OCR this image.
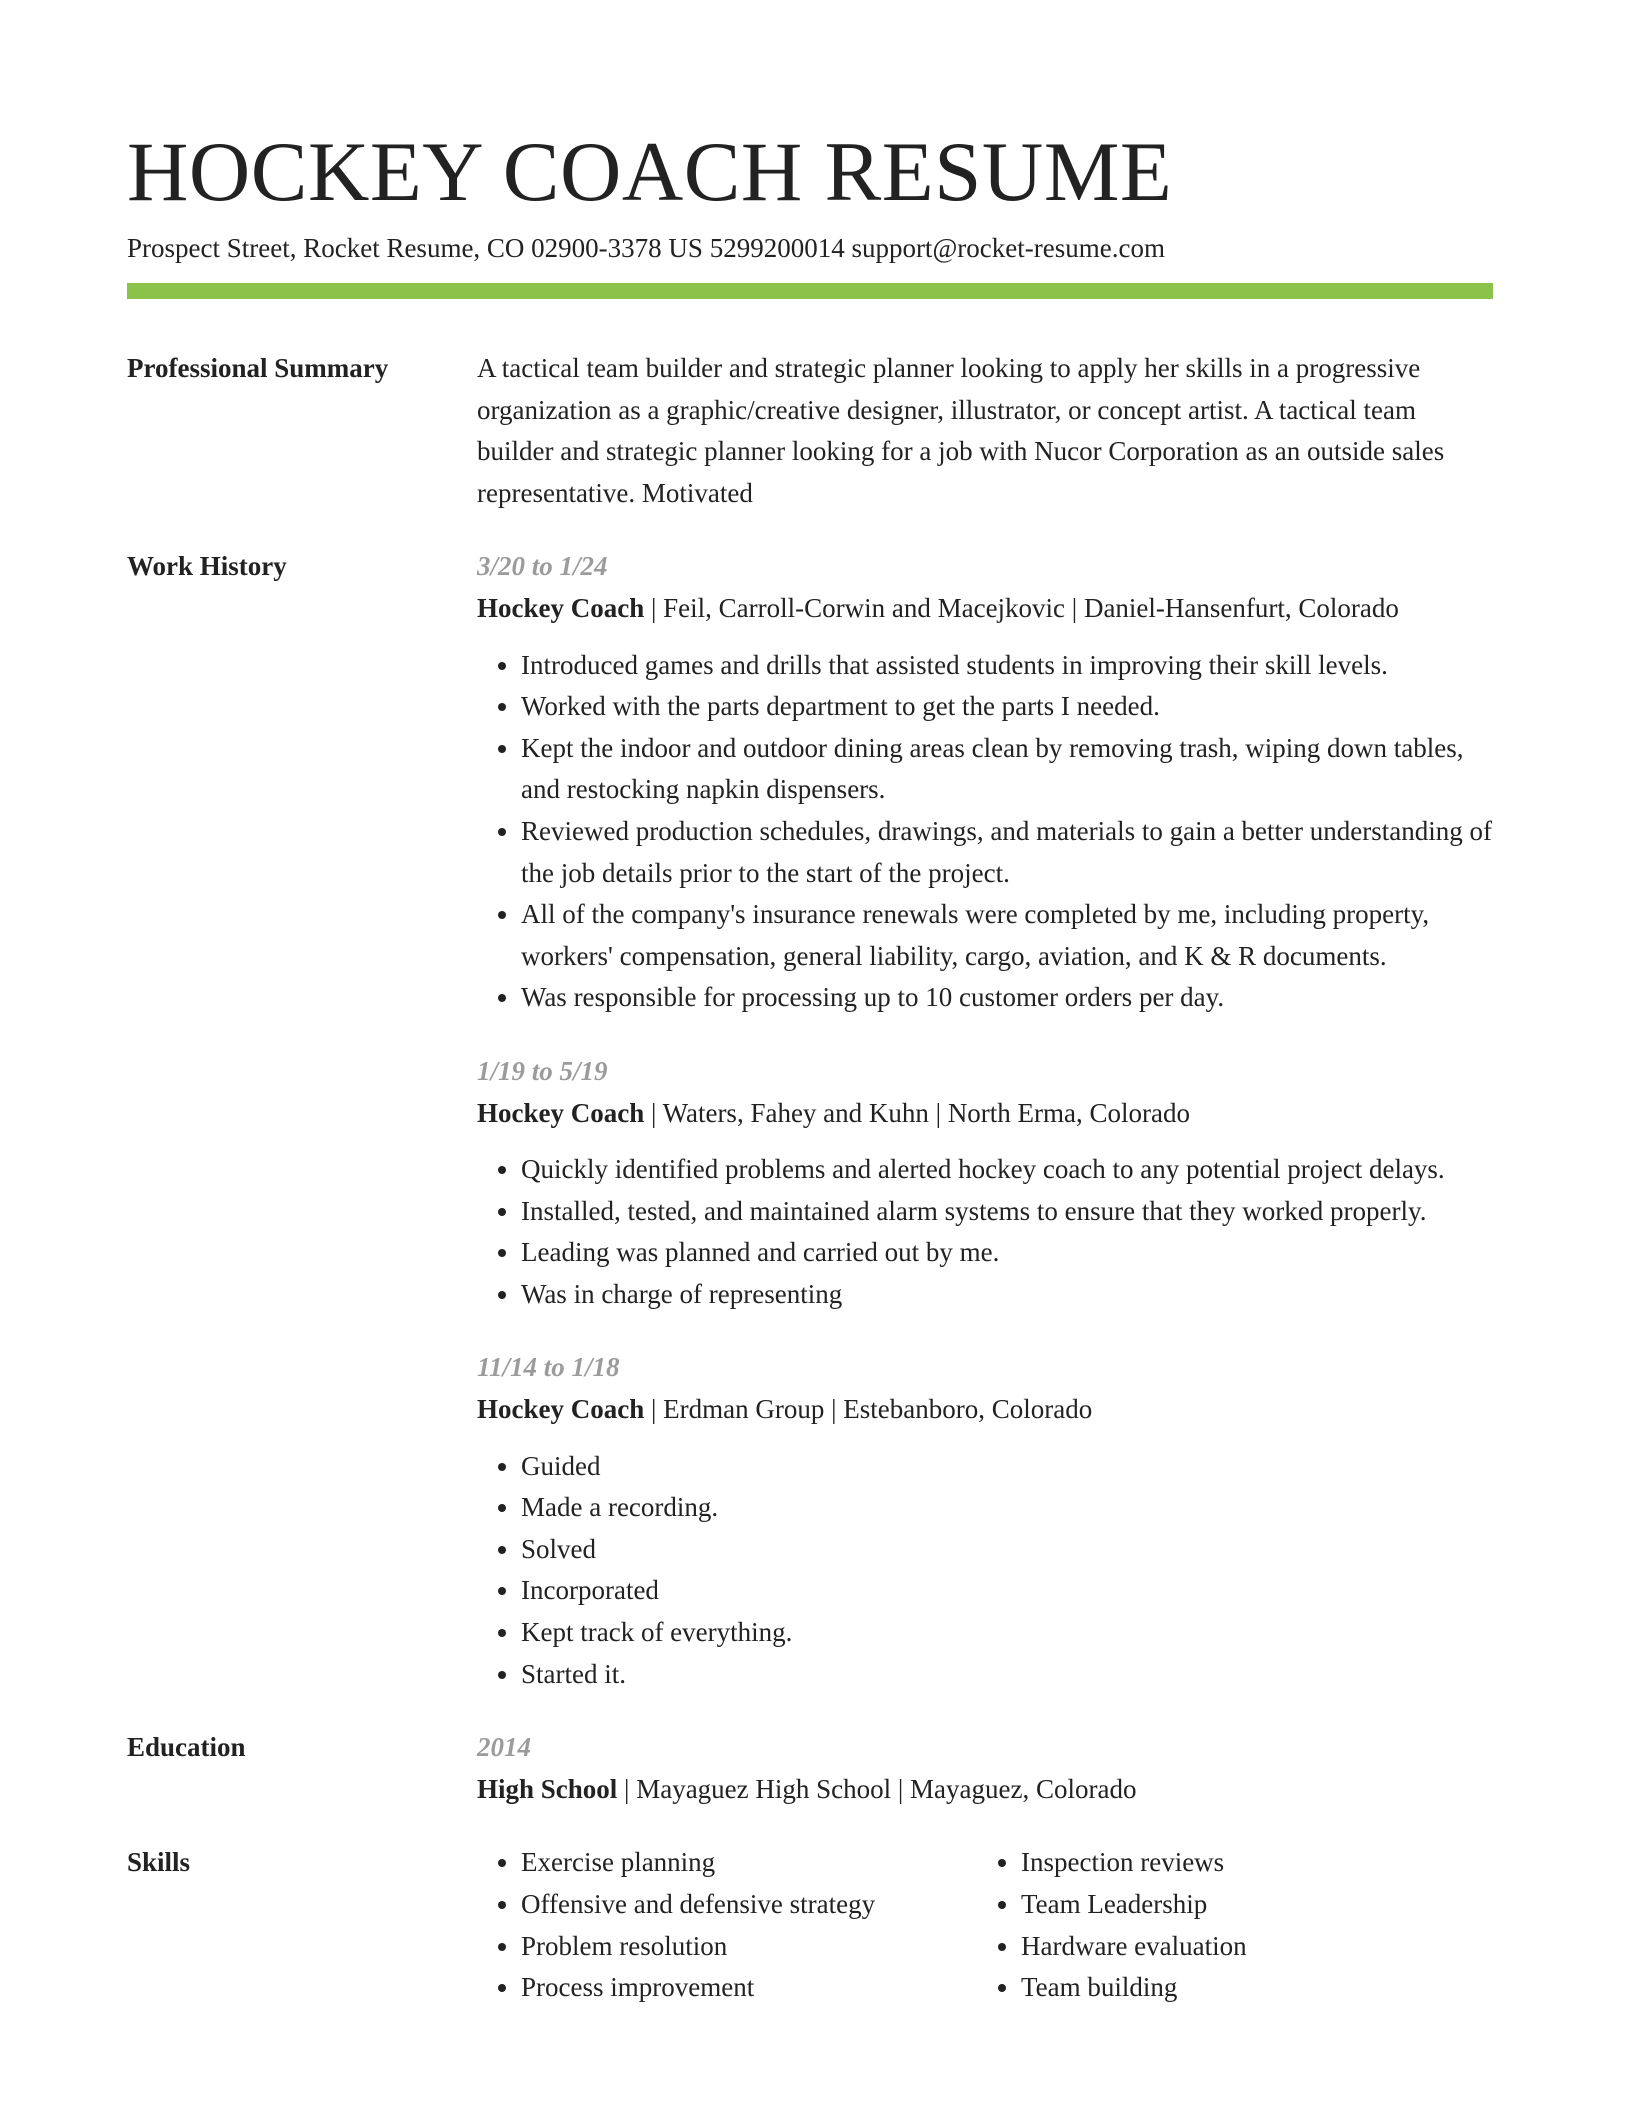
HOCKEY COACH RESUME
Prospect Street, Rocket Resume, CO 02900-3378 US 5299200014 support@rocket-resume.com
Professional Summary	A tactical team builder and strategic planner looking to apply her skills in a progressive organization as a graphic/creative designer, illustrator, or concept artist. A tactical team builder and strategic planner looking for a job with Nucor Corporation as an outside sales representative. Motivated

Work History	3/20 to 1/24
Hockey Coach | Feil, Carroll-Corwin and Macejkovic | Daniel-Hansenfurt, Colorado
• Introduced games and drills that assisted students in improving their skill levels.
• Worked with the parts department to get the parts I needed.
• Kept the indoor and outdoor dining areas clean by removing trash, wiping down tables, and restocking napkin dispensers.
• Reviewed production schedules, drawings, and materials to gain a better understanding of the job details prior to the start of the project.
• All of the company's insurance renewals were completed by me, including property, workers' compensation, general liability, cargo, aviation, and K & R documents.
• Was responsible for processing up to 10 customer orders per day.
1/19 to 5/19
Hockey Coach | Waters, Fahey and Kuhn | North Erma, Colorado
• Quickly identified problems and alerted hockey coach to any potential project delays.
• Installed, tested, and maintained alarm systems to ensure that they worked properly.
• Leading was planned and carried out by me.
• Was in charge of representing
11/14 to 1/18
Hockey Coach | Erdman Group | Estebanboro, Colorado
• Guided
• Made a recording.
• Solved
• Incorporated
• Kept track of everything.
• Started it.
Education	2014
High School | Mayaguez High School | Mayaguez, Colorado
Skills
•	Exercise planning
• Offensive and defensive strategy
• Problem resolution
• Process improvement
• Inspection reviews
• Team Leadership
• Hardware evaluation
• Team building
